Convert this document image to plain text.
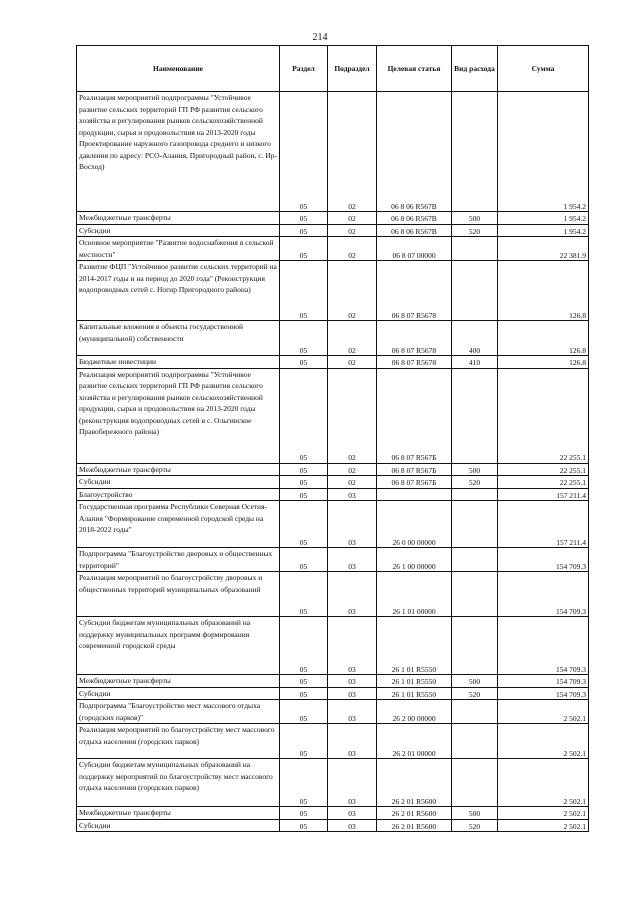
214
Наименование	Раздел	Подраздел	Целевая статья	Вид расхода	Сумма
Реализация мероприятий подпрограммы "Устойчивое развитие сельских территорий ГП РФ развития сельского хозяйства и регулирования рынков сельскохозяйственной продукции, сырья и продовольствия на 2013-2020 годы Проектирование наружного газопровода среднего и низкого давления по адресу: РСО-Алания, Пригородный район, с. Ир-Восход)	05	02	06 8 06 R567В		1 954.2
Межбюджетные трансферты	05	02	06 8 06 R567В	500	1 954.2
Субсидии	05	02	06 8 06 R567В	520	1 954.2
Основное мероприятие "Развитие водоснабжения в сельской местности"	05	02	06 8 07 00000		22 381.9
Развитие ФЦП "Устойчивое развитие сельских территорий на 2014-2017 годы и на период до 2020 года" (Реконструкция водопроводных сетей с. Ногир Пригородного района)	05	02	06 8 07 R5678		126.8
Капитальные вложения в объекты государственной (муниципальной) собственности	05	02	06 8 07 R5678	400	126.8
Бюджетные инвестиции	05	02	06 8 07 R5678	410	126.8
Реализация мероприятий подпрограммы "Устойчивое развитие сельских территорий ГП РФ развития сельского хозяйства и регулирования рынков сельскохозяйственной продукции, сырья и продовольствия на 2013-2020 годы (реконструкция водопроводных сетей в с. Ольгинское Правобережного района)	05	02	06 8 07 R567Б		22 255.1
Межбюджетные трансферты	05	02	06 8 07 R567Б	500	22 255.1
Субсидии	05	02	06 8 07 R567Б	520	22 255.1
Благоустройство	05	03			157 211.4
Государственная программа Республики Северная Осетия-Алания "Формирование современной городской среды на 2018-2022 годы"	05	03	26 0 00 00000		157 211.4
Подпрограмма "Благоустройство дворовых и общественных территорий"	05	03	26 1 00 00000		154 709.3
Реализация мероприятий по благоустройству дворовых и общественных территорий муниципальных образований	05	03	26 1 01 00000		154 709.3
Субсидии бюджетам муниципальных образований на поддержку муниципальных программ формирования современной городской среды	05	03	26 1 01 R5550		154 709.3
Межбюджетные трансферты	05	03	26 1 01 R5550	500	154 709.3
Субсидии	05	03	26 1 01 R5550	520	154 709.3
Подпрограмма "Благоустройство мест массового отдыха (городских парков)"	05	03	26 2 00 00000		2 502.1
Реализация мероприятий по благоустройству мест массового отдыха населения (городских парков)	05	03	26 2 01 00000		2 502.1
Субсидии бюджетам муниципальных образований на поддержку мероприятий по благоустройству мест массового отдыха населения (городских парков)	05	03	26 2 01 R5600		2 502.1
Межбюджетные трансферты	05	03	26 2 01 R5600	500	2 502.1
Субсидии	05	03	26 2 01 R5600	520	2 502.1
